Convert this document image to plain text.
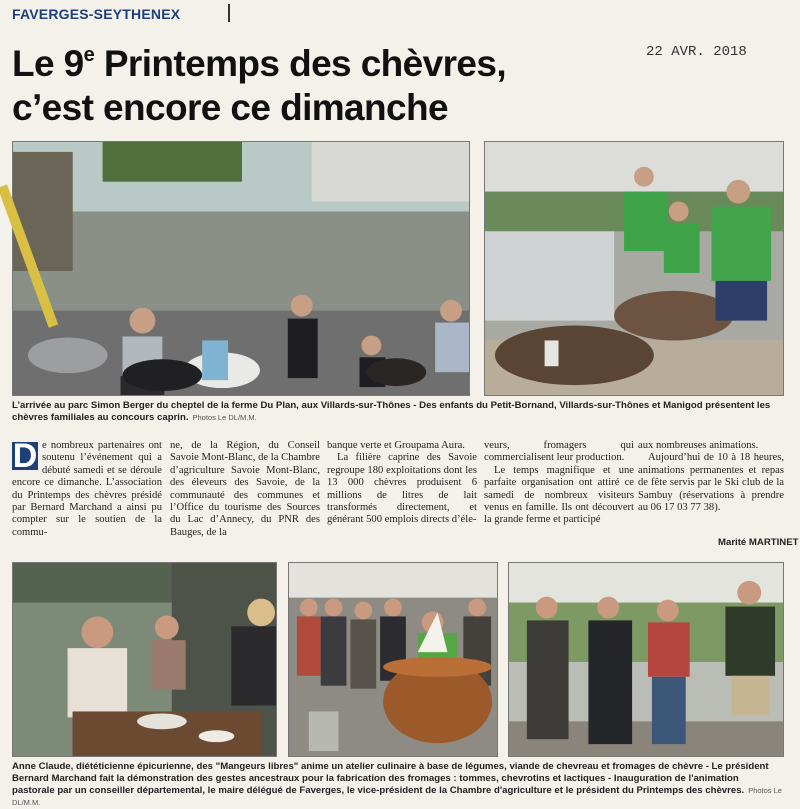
FAVERGES-SEYTHENEX
Le 9e Printemps des chèvres,
c’est encore ce dimanche
22 AVR. 2018
L’arrivée au parc Simon Berger du cheptel de la ferme Du Plan, aux Villards-sur-Thônes - Des enfants du Petit-Bornand, Villards-sur-Thônes et Manigod présentent les chèvres familiales au concours caprin. Photos Le DL/M.M.
D e nombreux partenaires ont soutenu l’événement qui a débuté samedi et se déroule encore ce dimanche. L’association du Printemps des chèvres présidé par Bernard Marchand a ainsi pu compter sur le soutien de la commu-

ne, de la Région, du Conseil Savoie Mont-Blanc, de la Chambre d’agriculture Savoie Mont-Blanc, des éleveurs des Savoie, de la communauté des communes et l’Office du tourisme des Sources du Lac d’Annecy, du PNR des Bauges, de la

banque verte et Groupama Aura.

La filière caprine des Savoie regroupe 180 exploitations dont les 13 000 chèvres produisent 6 millions de litres de lait transformés directement, et générant 500 emplois directs d’éle-

veurs, fromagers qui commercialisent leur production.

Le temps magnifique et une parfaite organisation ont attiré ce samedi de nombreux visiteurs venus en famille. Ils ont découvert la grande ferme et participé

aux nombreuses animations.

Aujourd’hui de 10 à 18 heures, animations permanentes et repas de fête servis par le Ski club de la Sambuy (réservations à prendre au 06 17 03 77 38).

Marité MARTINET
Anne Claude, diététicienne épicurienne, des "Mangeurs libres" anime un atelier culinaire à base de légumes, viande de chevreau et fromages de chèvre - Le président Bernard Marchand fait la démonstration des gestes ancestraux pour la fabrication des fromages : tommes, chevrotins et lactiques - Inauguration de l'animation pastorale par un conseiller départemental, le maire délégué de Faverges, le vice-président de la Chambre d'agriculture et le président du Printemps des chèvres. Photos Le DL/M.M.
